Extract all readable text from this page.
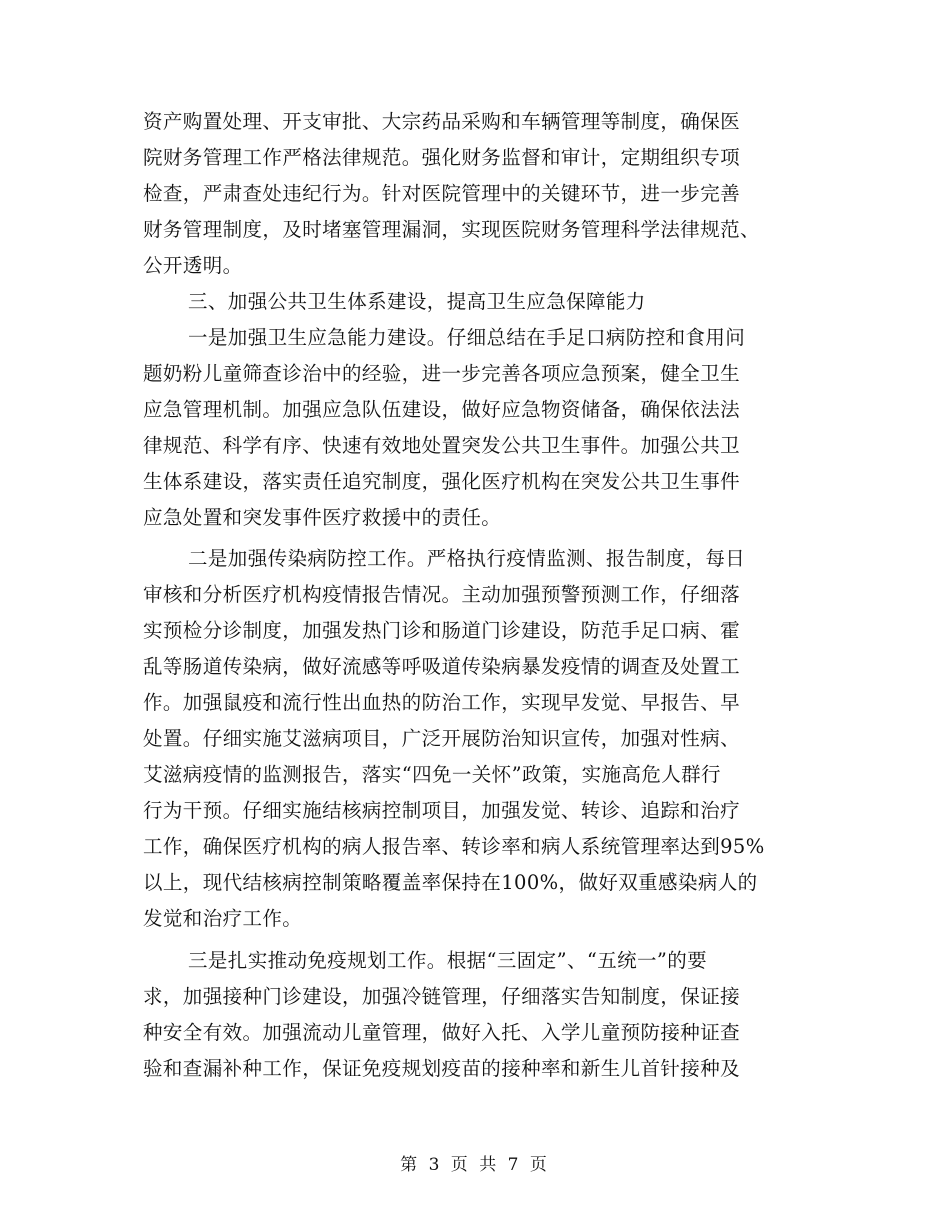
资产购置处理、开支审批、大宗药品采购和车辆管理等制度，确保医
院财务管理工作严格法律规范。强化财务监督和审计，定期组织专项
检查，严肃查处违纪行为。针对医院管理中的关键环节，进一步完善
财务管理制度，及时堵塞管理漏洞，实现医院财务管理科学法律规范、
公开透明。
三、加强公共卫生体系建设，提高卫生应急保障能力
一是加强卫生应急能力建设。仔细总结在手足口病防控和食用问
题奶粉儿童筛查诊治中的经验，进一步完善各项应急预案，健全卫生
应急管理机制。加强应急队伍建设，做好应急物资储备，确保依法法
律规范、科学有序、快速有效地处置突发公共卫生事件。加强公共卫
生体系建设，落实责任追究制度，强化医疗机构在突发公共卫生事件
应急处置和突发事件医疗救援中的责任。
二是加强传染病防控工作。严格执行疫情监测、报告制度，每日
审核和分析医疗机构疫情报告情况。主动加强预警预测工作，仔细落
实预检分诊制度，加强发热门诊和肠道门诊建设，防范手足口病、霍
乱等肠道传染病，做好流感等呼吸道传染病暴发疫情的调查及处置工
作。加强鼠疫和流行性出血热的防治工作，实现早发觉、早报告、早
处置。仔细实施艾滋病项目，广泛开展防治知识宣传，加强对性病、
艾滋病疫情的监测报告，落实“四免一关怀”政策，实施高危人群行
行为干预。仔细实施结核病控制项目，加强发觉、转诊、追踪和治疗
工作，确保医疗机构的病人报告率、转诊率和病人系统管理率达到95%
以上，现代结核病控制策略覆盖率保持在100%，做好双重感染病人的
发觉和治疗工作。
三是扎实推动免疫规划工作。根据“三固定”、“五统一”的要
求，加强接种门诊建设，加强冷链管理，仔细落实告知制度，保证接
种安全有效。加强流动儿童管理，做好入托、入学儿童预防接种证查
验和查漏补种工作，保证免疫规划疫苗的接种率和新生儿首针接种及
第 3 页 共 7 页
